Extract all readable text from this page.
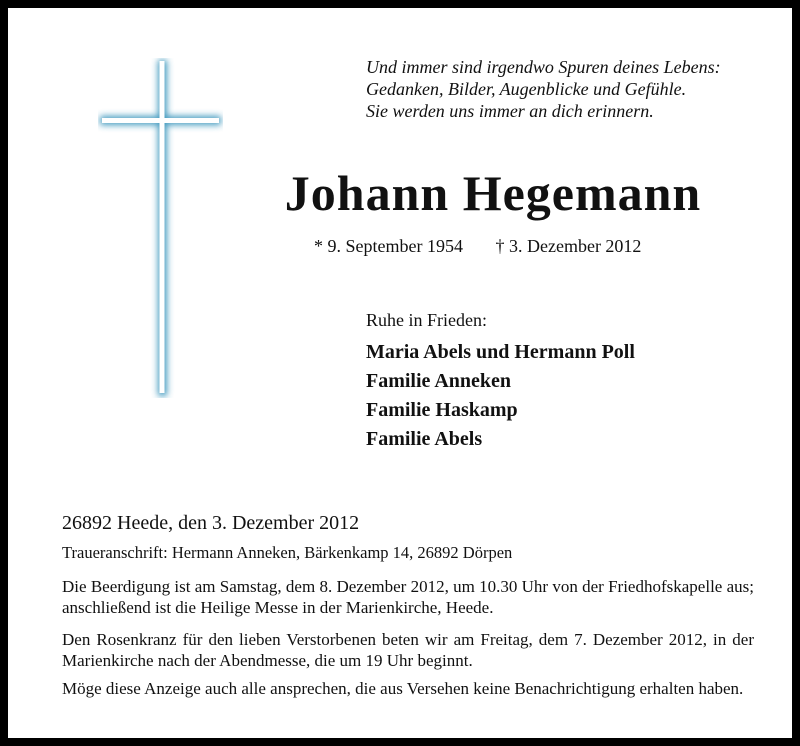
Und immer sind irgendwo Spuren deines Lebens:
Gedanken, Bilder, Augenblicke und Gefühle.
Sie werden uns immer an dich erinnern.
Johann Hegemann
* 9. September 1954 † 3. Dezember 2012
Ruhe in Frieden:
Maria Abels und Hermann Poll
Familie Anneken
Familie Haskamp
Familie Abels
26892 Heede, den 3. Dezember 2012
Traueranschrift: Hermann Anneken, Bärkenkamp 14, 26892 Dörpen
Die Beerdigung ist am Samstag, dem 8. Dezember 2012, um 10.30 Uhr von der Friedhofskapelle aus; anschließend ist die Heilige Messe in der Marienkirche, Heede.
Den Rosenkranz für den lieben Verstorbenen beten wir am Freitag, dem 7. Dezember 2012, in der Marienkirche nach der Abendmesse, die um 19 Uhr beginnt.
Möge diese Anzeige auch alle ansprechen, die aus Versehen keine Benachrichtigung erhalten haben.
